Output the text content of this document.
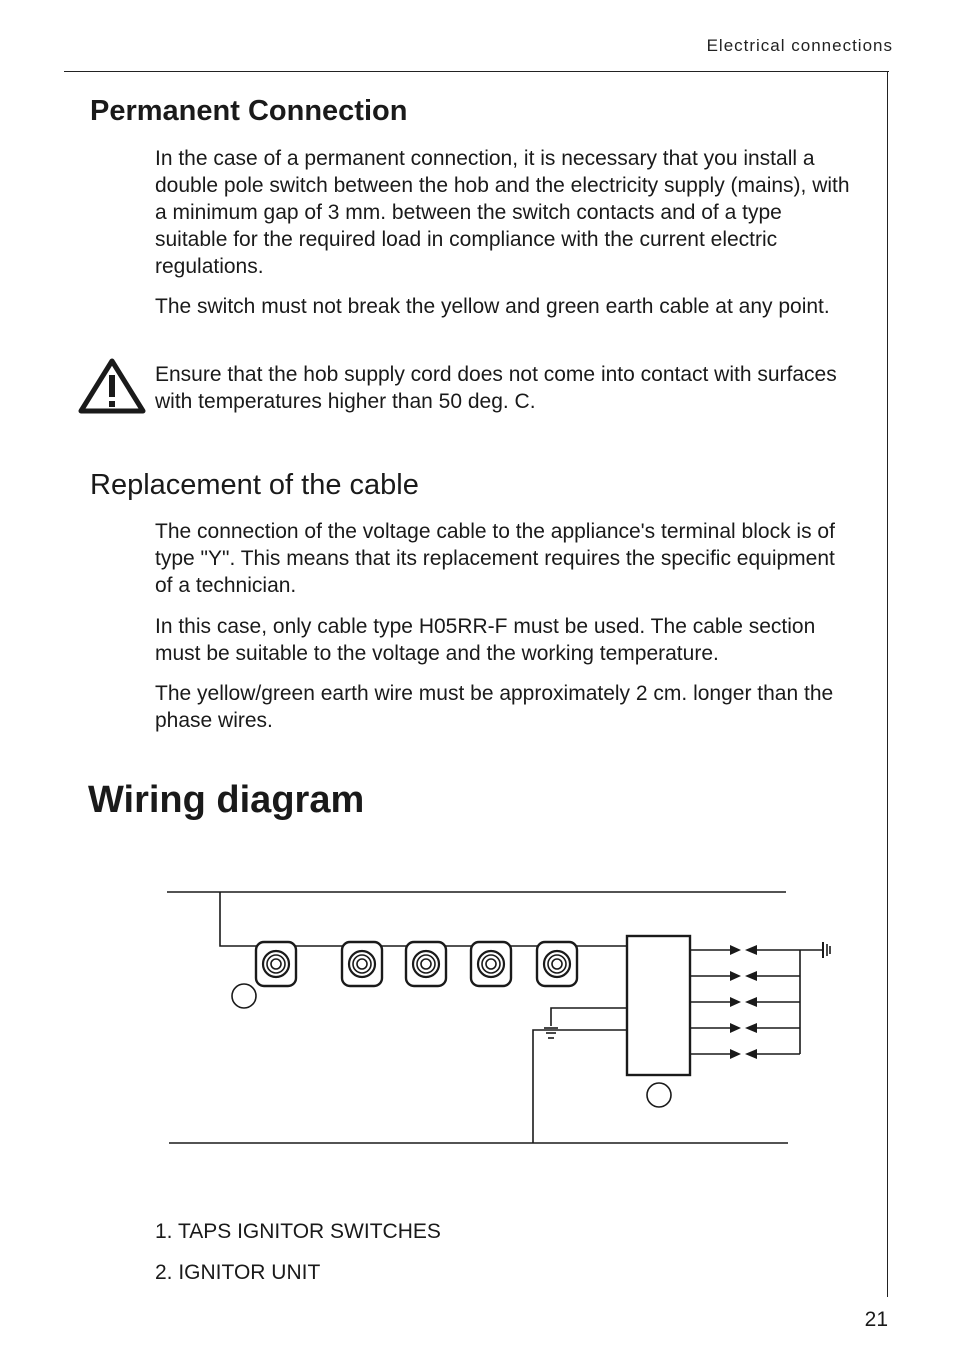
Electrical connections
Permanent Connection
In the case of a permanent connection, it is necessary that you install a double pole switch between the hob and the electricity supply (mains), with a minimum gap of 3 mm. between the switch contacts and of a type suitable for the required load in compliance with the current electric regulations.
The switch must not break the yellow and green earth cable at any point.
Ensure that the hob supply cord does not come into contact with surfaces with temperatures higher than 50 deg. C.
Replacement of the cable
The connection of the voltage cable to the appliance's terminal block is of type "Y". This means that its replacement requires the specific equipment of a technician.
In this case, only cable type H05RR-F must be used. The cable section must be suitable to the voltage and the working temperature.
The yellow/green earth wire must be approximately 2 cm. longer than the phase wires.
Wiring diagram
1. TAPS IGNITOR SWITCHES
2. IGNITOR UNIT
21
